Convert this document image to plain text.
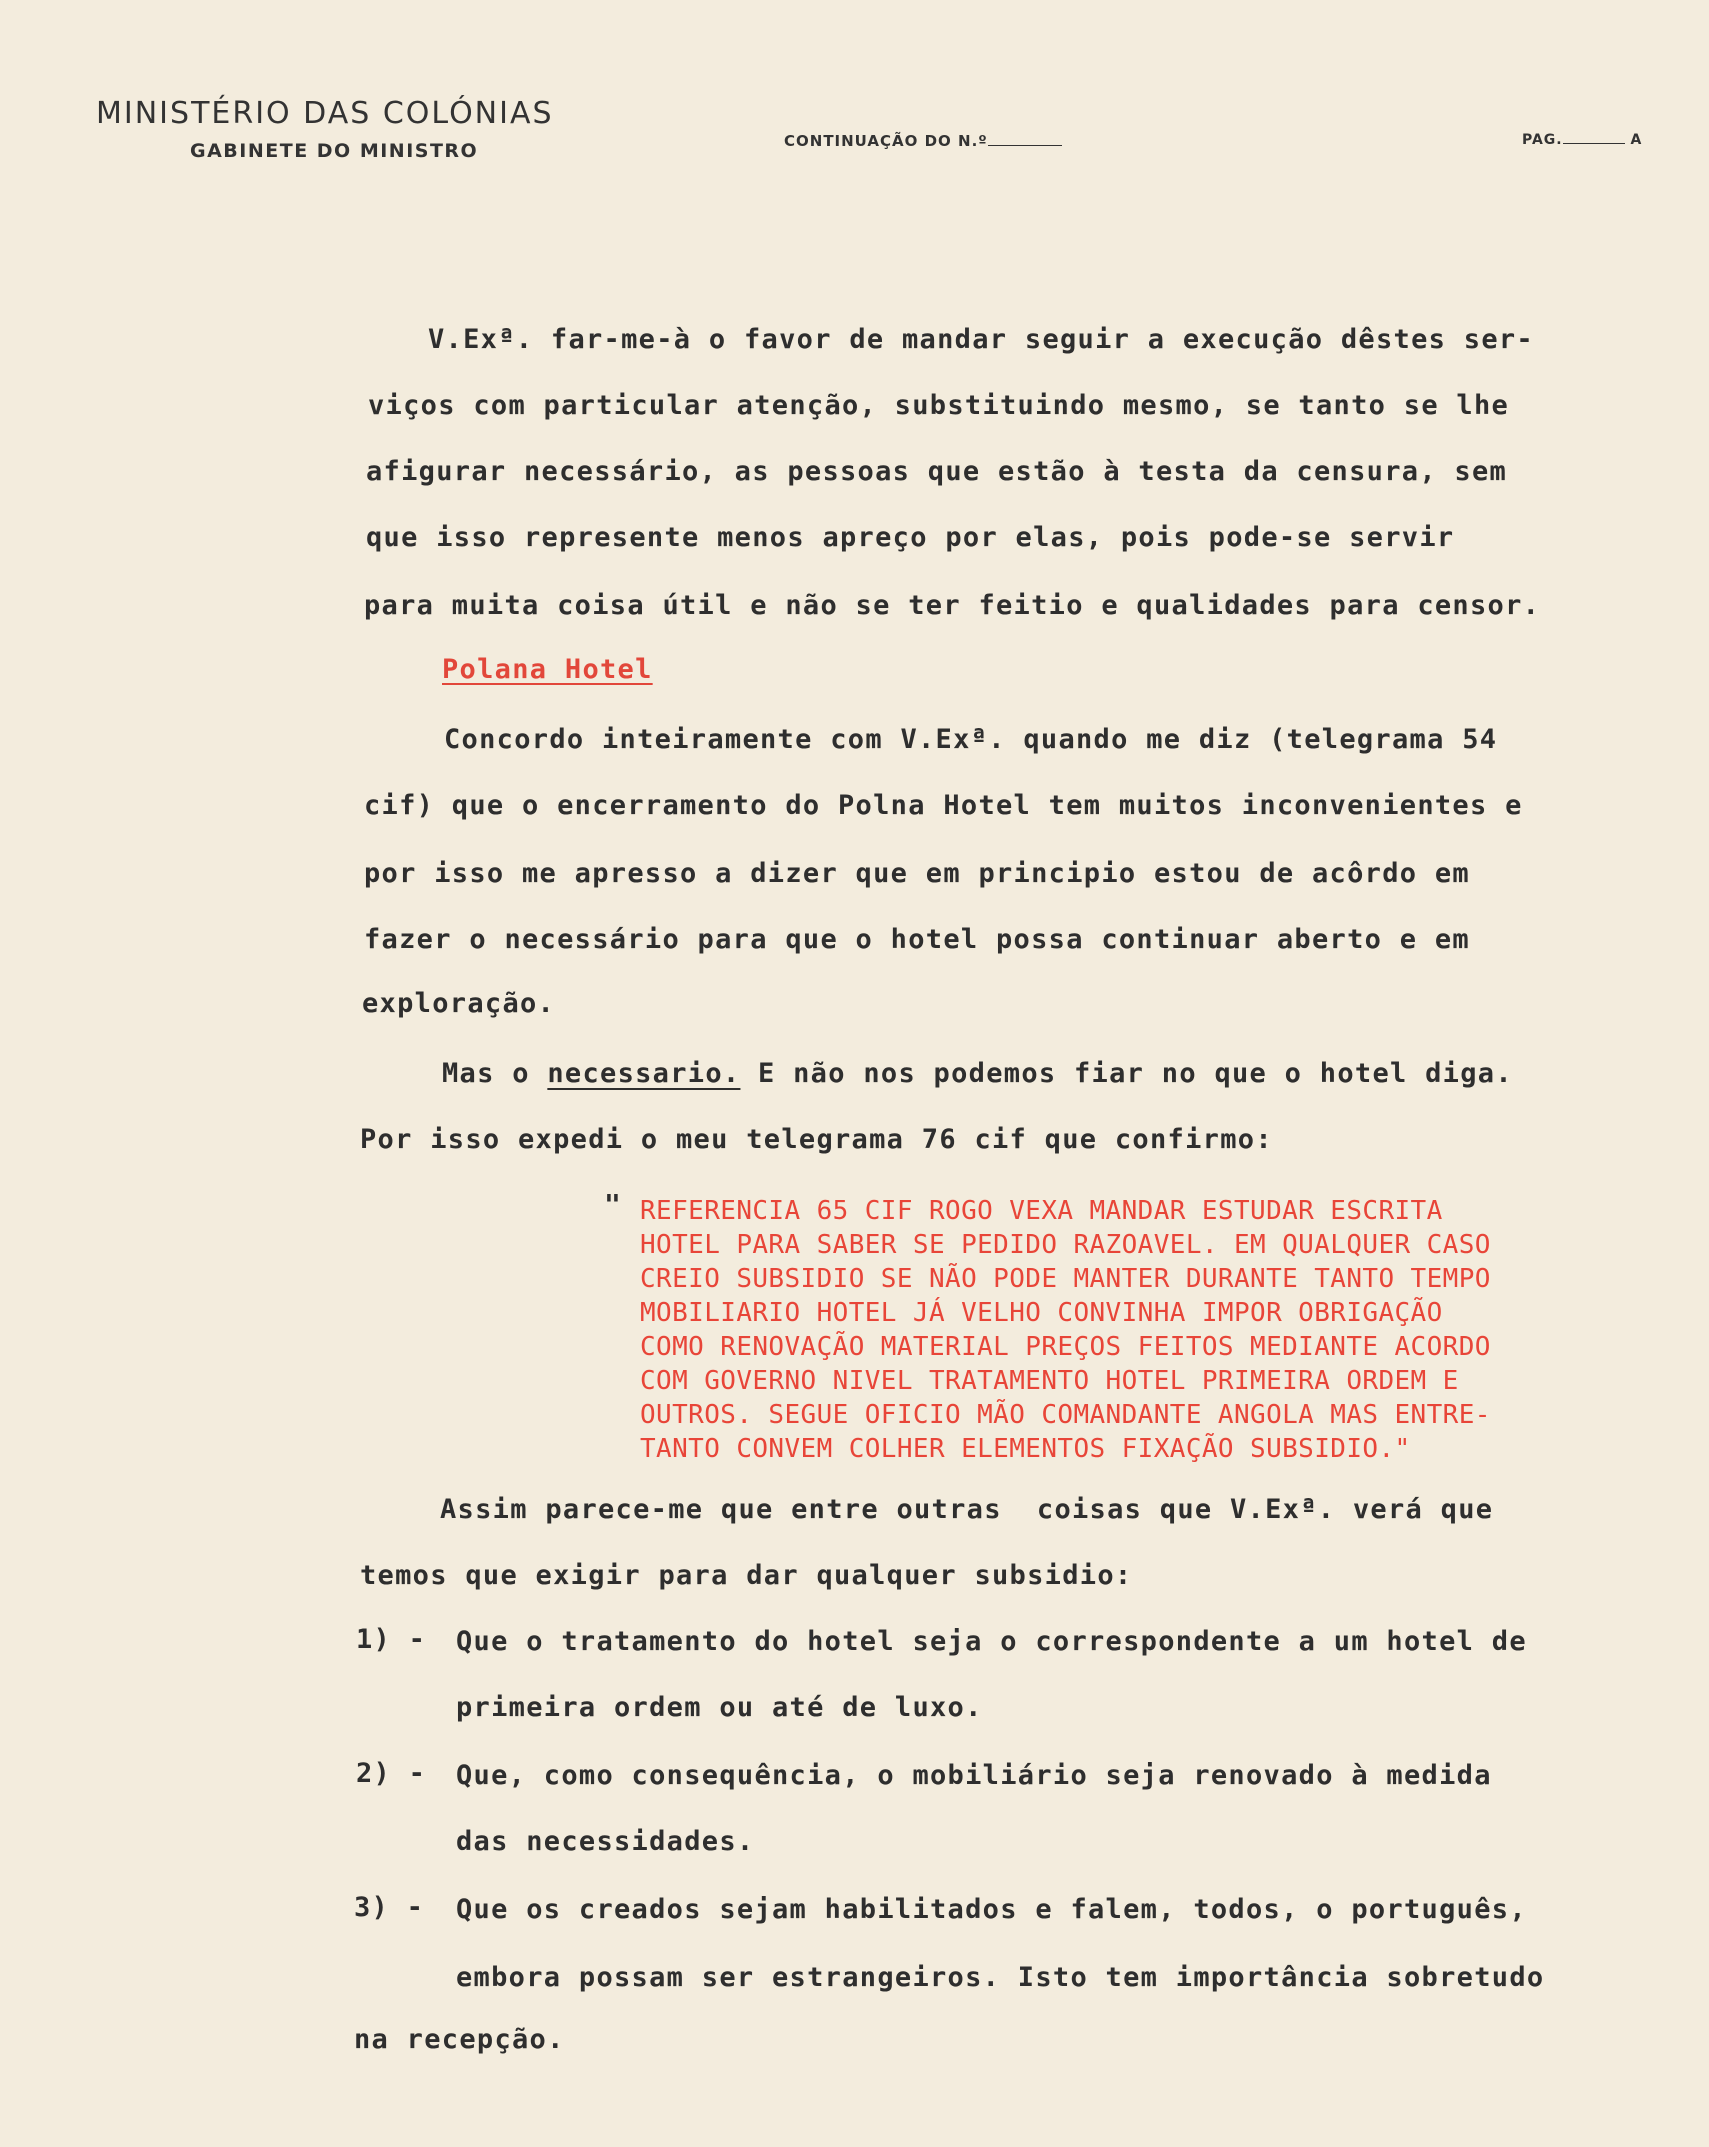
MINISTÉRIO DAS COLÓNIAS
GABINETE DO MINISTRO	CONTINUAÇÃO DO N.º	PAG.	A
V.Exª. far-me-à o favor de mandar seguir a execução dêstes ser-
viços com particular atenção, substituindo mesmo, se tanto se lhe
afigurar necessário, as pessoas que estão à testa da censura, sem
que isso represente menos apreço por elas, pois pode-se servir
para muita coisa útil e não se ter feitio e qualidades para censor.
Polana Hotel
Concordo inteiramente com V.Exª. quando me diz (telegrama 54
cif) que o encerramento do Polna Hotel tem muitos inconvenientes e
por isso me apresso a dizer que em principio estou de acôrdo em
fazer o necessário para que o hotel possa continuar aberto e em
exploração.
Mas o necessario. E não nos podemos fiar no que o hotel diga.
Por isso expedi o meu telegrama 76 cif que confirmo:
" REFERENCIA 65 CIF ROGO VEXA MANDAR ESTUDAR ESCRITA
HOTEL PARA SABER SE PEDIDO RAZOAVEL. EM QUALQUER CASO
CREIO SUBSIDIO SE NÃO PODE MANTER DURANTE TANTO TEMPO
MOBILIARIO HOTEL JÁ VELHO CONVINHA IMPOR OBRIGAÇÃO
COMO RENOVAÇÃO MATERIAL PREÇOS FEITOS MEDIANTE ACORDO
COM GOVERNO NIVEL TRATAMENTO HOTEL PRIMEIRA ORDEM E
OUTROS. SEGUE OFICIO MÃO COMANDANTE ANGOLA MAS ENTRE-
TANTO CONVEM COLHER ELEMENTOS FIXAÇÃO SUBSIDIO."
Assim parece-me que entre outras  coisas que V.Exª. verá que
temos que exigir para dar qualquer subsidio:
1) - Que o tratamento do hotel seja o correspondente a um hotel de
primeira ordem ou até de luxo.
2) - Que, como consequência, o mobiliário seja renovado à medida
das necessidades.
3) - Que os creados sejam habilitados e falem, todos, o português,
embora possam ser estrangeiros. Isto tem importância sobretudo
na recepção.
